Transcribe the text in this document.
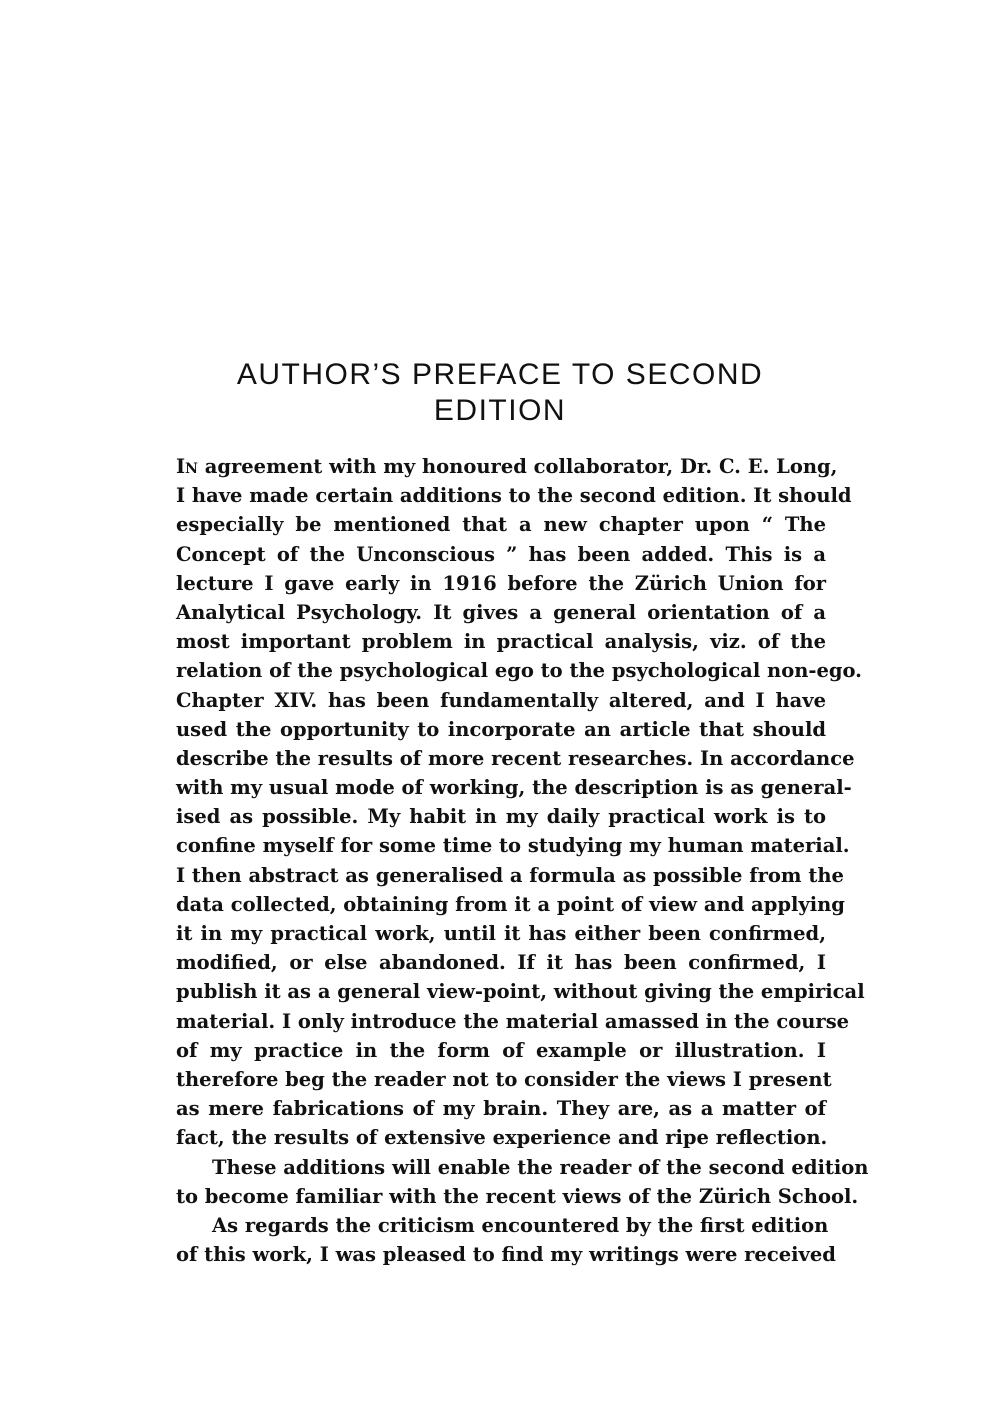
AUTHOR’S PREFACE TO SECOND
EDITION
In agreement with my honoured collaborator, Dr. C. E. Long,
I have made certain additions to the second edition. It should
especially be mentioned that a new chapter upon “ The
Concept of the Unconscious ” has been added. This is a
lecture I gave early in 1916 before the Zürich Union for
Analytical Psychology. It gives a general orientation of a
most important problem in practical analysis, viz. of the
relation of the psychological ego to the psychological non-ego.
Chapter XIV. has been fundamentally altered, and I have
used the opportunity to incorporate an article that should
describe the results of more recent researches. In accordance
with my usual mode of working, the description is as general-
ised as possible. My habit in my daily practical work is to
confine myself for some time to studying my human material.
I then abstract as generalised a formula as possible from the
data collected, obtaining from it a point of view and applying
it in my practical work, until it has either been confirmed,
modified, or else abandoned. If it has been confirmed, I
publish it as a general view-point, without giving the empirical
material. I only introduce the material amassed in the course
of my practice in the form of example or illustration. I
therefore beg the reader not to consider the views I present
as mere fabrications of my brain. They are, as a matter of
fact, the results of extensive experience and ripe reflection.
These additions will enable the reader of the second edition
to become familiar with the recent views of the Zürich School.
As regards the criticism encountered by the first edition
of this work, I was pleased to find my writings were received
